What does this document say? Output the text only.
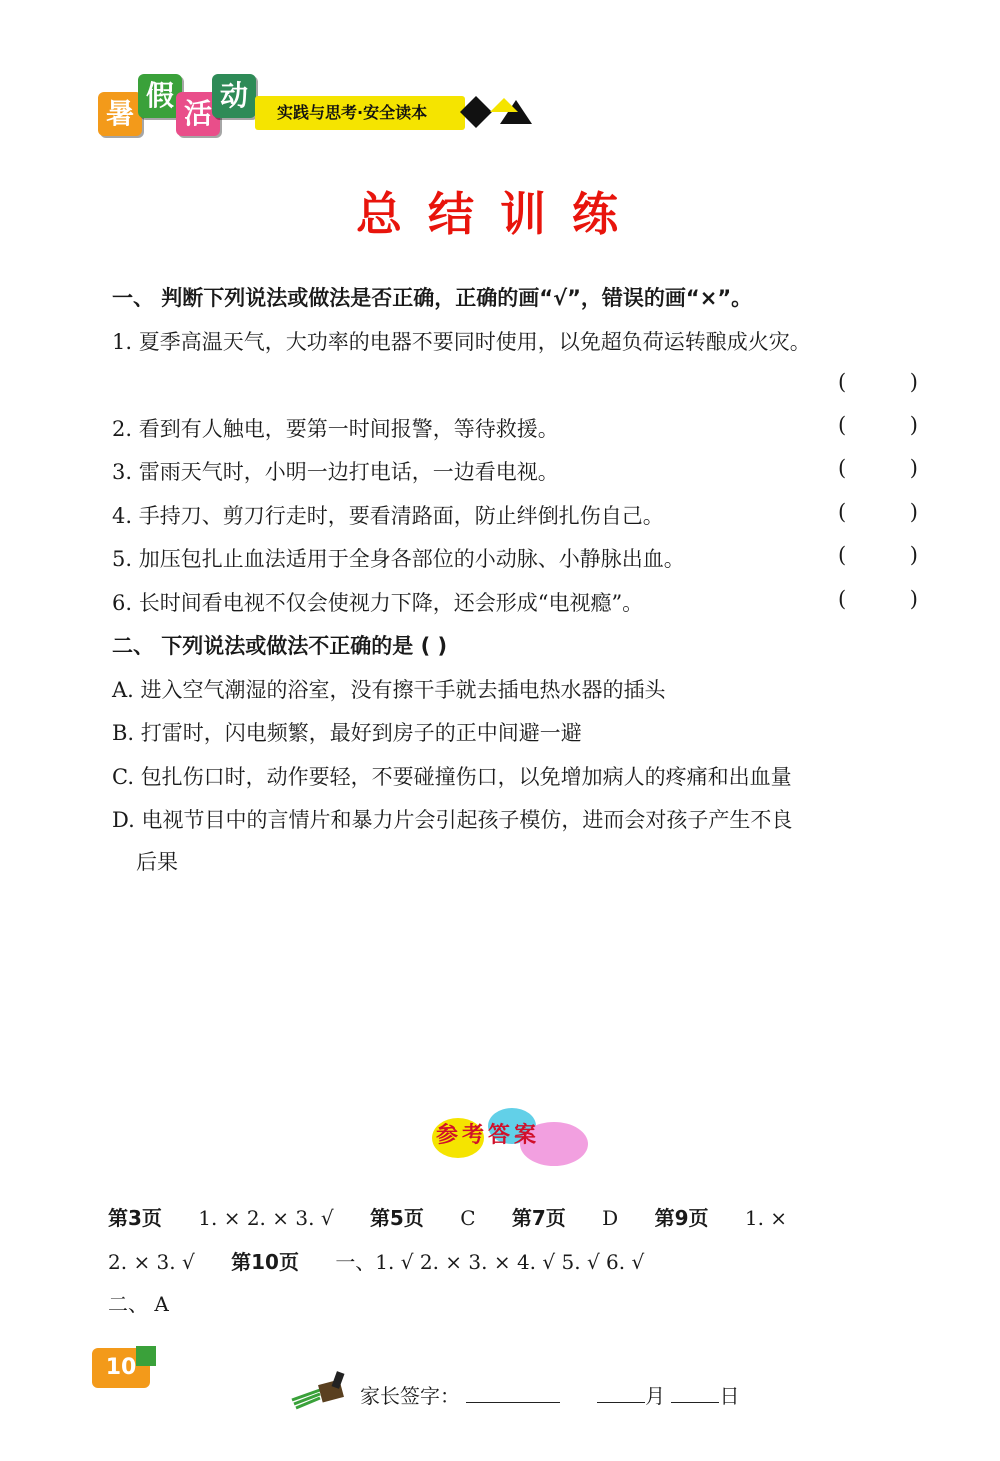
暑
假
活
动
实践与思考·安全读本
总结训练
一、 判断下列说法或做法是否正确，正确的画“√”，错误的画“×”。
1. 夏季高温天气，大功率的电器不要同时使用，以免超负荷运转酿成火灾。
(	)
2. 看到有人触电，要第一时间报警，等待救援。	(	)
3. 雷雨天气时，小明一边打电话，一边看电视。	(	)
4. 手持刀、剪刀行走时，要看清路面，防止绊倒扎伤自己。	(	)
5. 加压包扎止血法适用于全身各部位的小动脉、小静脉出血。	(	)
6. 长时间看电视不仅会使视力下降，还会形成“电视瘾”。	(	)
二、 下列说法或做法不正确的是 ( )
A. 进入空气潮湿的浴室，没有擦干手就去插电热水器的插头
B. 打雷时，闪电频繁，最好到房子的正中间避一避
C. 包扎伤口时，动作要轻，不要碰撞伤口，以免增加病人的疼痛和出血量
D. 电视节目中的言情片和暴力片会引起孩子模仿，进而会对孩子产生不良
后果
参考答案
第3页 1. × 2. × 3. √ 第5页 C 第7页 D 第9页 1. ×
2. × 3. √ 第10页 一、1. √ 2. × 3. × 4. √ 5. √ 6. √
二、 A
10
家长签字：	月	日
